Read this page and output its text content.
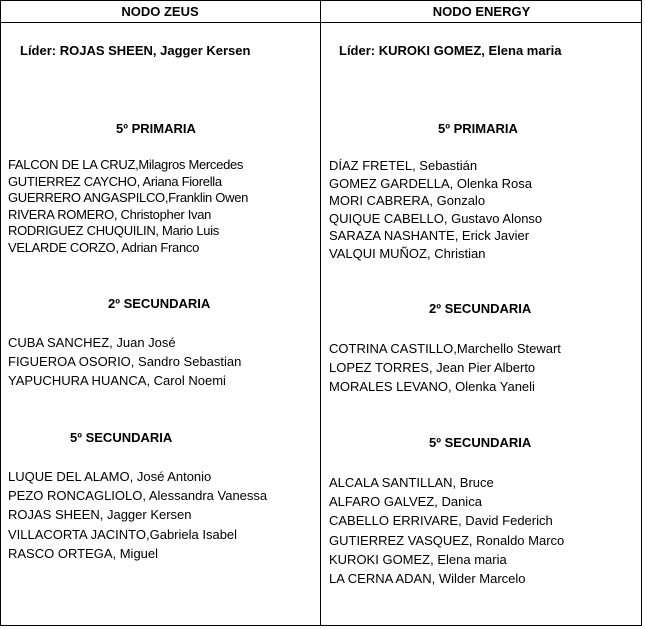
NODO ZEUS	NODO ENERGY
Líder: ROJAS SHEEN, Jagger Kersen	Líder: KUROKI GOMEZ, Elena maria
5º PRIMARIA
FALCON DE LA CRUZ,Milagros Mercedes
GUTIERREZ CAYCHO, Ariana Fiorella
GUERRERO ANGASPILCO,Franklin Owen
RIVERA ROMERO, Christopher Ivan
RODRIGUEZ CHUQUILIN, Mario Luis
VELARDE CORZO, Adrian Franco
2º SECUNDARIA
CUBA SANCHEZ, Juan José
FIGUEROA OSORIO, Sandro Sebastian
YAPUCHURA HUANCA, Carol Noemi
5º SECUNDARIA
LUQUE DEL ALAMO, José Antonio
PEZO RONCAGLIOLO, Alessandra Vanessa
ROJAS SHEEN, Jagger Kersen
VILLACORTA JACINTO,Gabriela Isabel
RASCO ORTEGA, Miguel
5º PRIMARIA
DÍAZ FRETEL, Sebastián
GOMEZ GARDELLA, Olenka Rosa
MORI CABRERA, Gonzalo
QUIQUE CABELLO, Gustavo Alonso
SARAZA NASHANTE, Erick Javier
VALQUI MUÑOZ, Christian
2º SECUNDARIA
COTRINA CASTILLO,Marchello Stewart
LOPEZ TORRES, Jean Pier Alberto
MORALES LEVANO, Olenka Yaneli
5º SECUNDARIA
ALCALA SANTILLAN, Bruce
ALFARO GALVEZ, Danica
CABELLO ERRIVARE, David Federich
GUTIERREZ VASQUEZ, Ronaldo Marco
KUROKI GOMEZ, Elena maria
LA CERNA ADAN, Wilder Marcelo
